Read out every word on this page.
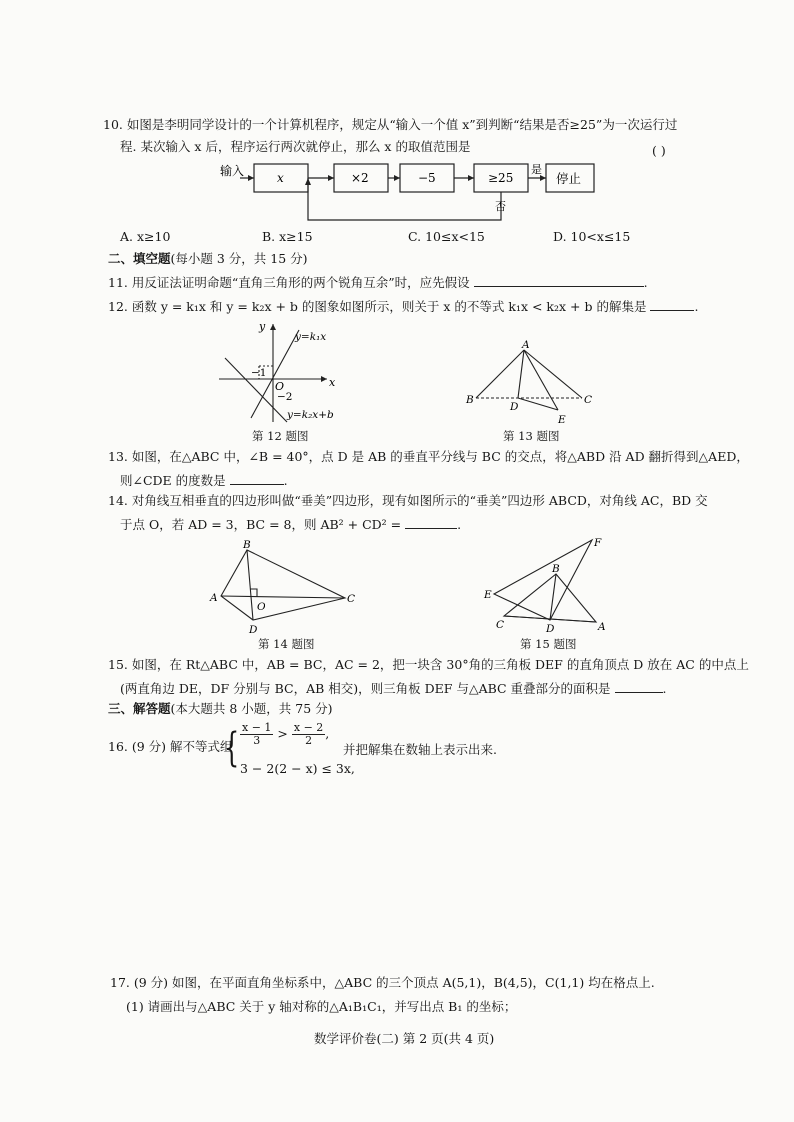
10. 如图是李明同学设计的一个计算机程序，规定从“输入一个值 x”到判断“结果是否≥25”为一次运行过
程. 某次输入 x 后，程序运行两次就停止，那么 x 的取值范围是	( )
输入	x	×2	−5	≥25
是
否
停止
A. x≥10	B. x≥15	C. 10≤x<15	D. 10<x≤15
二、填空题(每小题 3 分，共 15 分)
11. 用反证法证明命题“直角三角形的两个锐角互余”时，应先假设	.
12. 函数 y = k₁x 和 y = k₂x + b 的图象如图所示，则关于 x 的不等式 k₁x < k₂x + b 的解集是	.
y
x
O
−1
−2
y=k₁x
y=k₂x+b
第 12 题图
A
B	C
D
E
第 13 题图
13. 如图，在△ABC 中，∠B = 40°，点 D 是 AB 的垂直平分线与 BC 的交点，将△ABD 沿 AD 翻折得到△AED，
则∠CDE 的度数是	.
14. 对角线互相垂直的四边形叫做“垂美”四边形，现有如图所示的“垂美”四边形 ABCD，对角线 AC，BD 交
于点 O，若 AD = 3，BC = 8，则 AB² + CD² =	.
B
A	C
D
O
第 14 题图
F
B
E
C	D	A
第 15 题图
15. 如图，在 Rt△ABC 中，AB = BC，AC = 2，把一块含 30°角的三角板 DEF 的直角顶点 D 放在 AC 的中点上
(两直角边 DE，DF 分别与 BC，AB 相交)，则三角板 DEF 与△ABC 重叠部分的面积是	.
三、解答题(本大题共 8 小题，共 75 分)
16. (9 分) 解不等式组
{ $\frac{x - 1}{3} > \frac{x - 2}{2}$ ,
3 − 2(2 − x) ≤ 3x,
并把解集在数轴上表示出来.
17. (9 分) 如图，在平面直角坐标系中，△ABC 的三个顶点 A(5,1)，B(4,5)，C(1,1) 均在格点上.
(1) 请画出与△ABC 关于 y 轴对称的△A₁B₁C₁，并写出点 B₁ 的坐标；
数学评价卷(二) 第 2 页(共 4 页)
